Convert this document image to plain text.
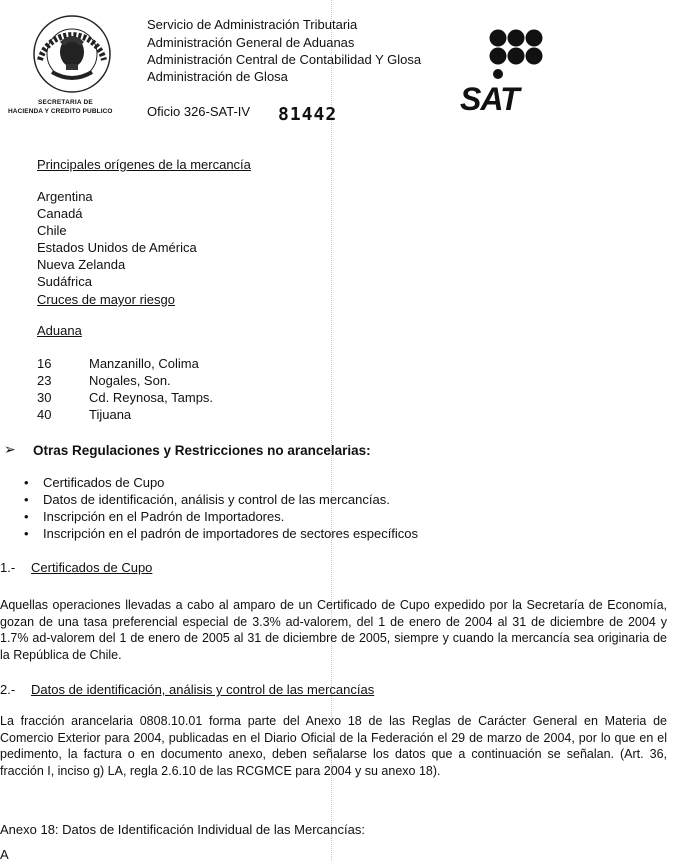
SECRETARIA DE
HACIENDA Y CREDITO PUBLICO
Servicio de Administración Tributaria
Administración General de Aduanas
Administración Central de Contabilidad Y Glosa
Administración de Glosa
Oficio 326-SAT-IV 81442	SAT
Principales orígenes de la mercancía
Argentina
Canadá
Chile
Estados Unidos de América
Nueva Zelanda
Sudáfrica
Cruces de mayor riesgo
Aduana
16	Manzanillo, Colima
23	Nogales, Son.
30	Cd. Reynosa, Tamps.
40	Tijuana
➢ Otras Regulaciones y Restricciones no arancelarias:
• Certificados de Cupo
• Datos de identificación, análisis y control de las mercancías.
• Inscripción en el Padrón de Importadores.
• Inscripción en el padrón de importadores de sectores específicos
1.- Certificados de Cupo
Aquellas operaciones llevadas a cabo al amparo de un Certificado de Cupo expedido por la Secretaría de Economía, gozan de una tasa preferencial especial de 3.3% ad-valorem, del 1 de enero de 2004 al 31 de diciembre de 2004 y 1.7% ad-valorem del 1 de enero de 2005 al 31 de diciembre de 2005, siempre y cuando la mercancía sea originaria de la República de Chile.
2.- Datos de identificación, análisis y control de las mercancías
La fracción arancelaria 0808.10.01 forma parte del Anexo 18 de las Reglas de Carácter General en Materia de Comercio Exterior para 2004, publicadas en el Diario Oficial de la Federación el 29 de marzo de 2004, por lo que en el pedimento, la factura o en documento anexo, deben señalarse los datos que a continuación se señalan. (Art. 36, fracción I, inciso g) LA, regla 2.6.10 de las RCGMCE para 2004 y su anexo 18).
Anexo 18: Datos de Identificación Individual de las Mercancías:
A
